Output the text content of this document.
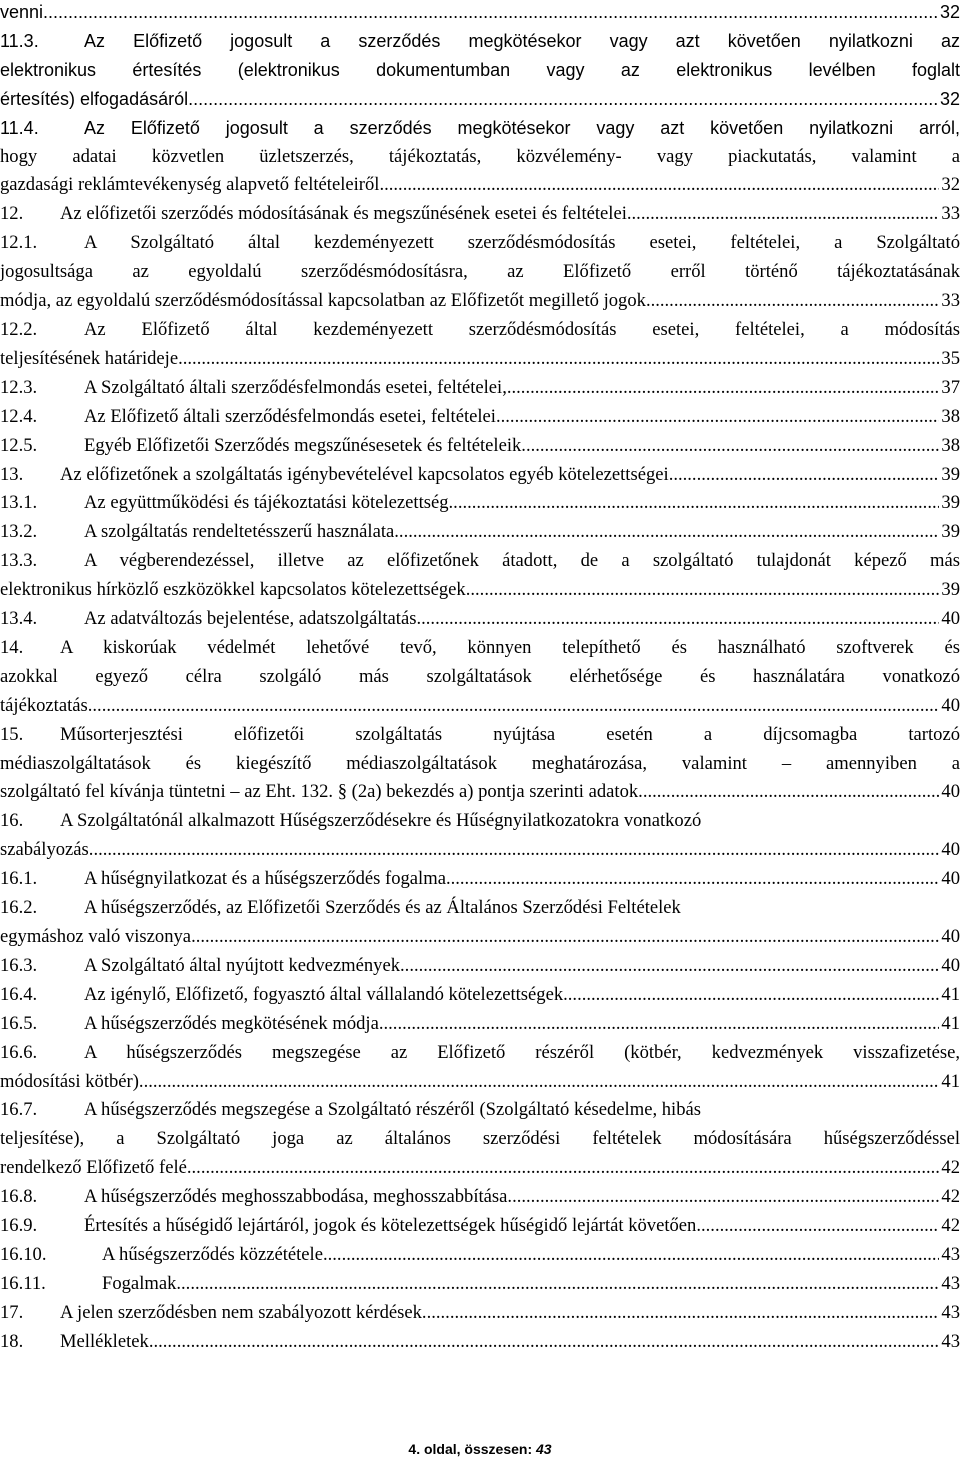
venni. .....	32
11.3.	Az Előfizető jogosult a szerződés megkötésekor vagy azt követően nyilatkozni az
elektronikus értesítés (elektronikus dokumentumban vagy az elektronikus levélben foglalt
értesítés) elfogadásáról. .....	32
11.4.	Az Előfizető jogosult a szerződés megkötésekor vagy azt követően nyilatkozni arról,
hogy adatai közvetlen üzletszerzés, tájékoztatás, közvélemény- vagy piackutatás, valamint a
gazdasági reklámtevékenység alapvető feltételeiről .....	32
12.	Az előfizetői szerződés módosításának és megszűnésének esetei és feltételei .....	33
12.1.	A Szolgáltató által kezdeményezett szerződésmódosítás esetei, feltételei, a Szolgáltató
jogosultsága az egyoldalú szerződésmódosításra, az Előfizető erről történő tájékoztatásának
módja, az egyoldalú szerződésmódosítással kapcsolatban az Előfizetőt megillető jogok .....	33
12.2.	Az Előfizető által kezdeményezett szerződésmódosítás esetei, feltételei, a módosítás
teljesítésének határideje .....	35
12.3.	A Szolgáltató általi szerződésfelmondás esetei, feltételei, .....	37
12.4.	Az Előfizető általi szerződésfelmondás esetei, feltételei .....	38
12.5.	Egyéb Előfizetői Szerződés megszűnésesetek és feltételeik .....	38
13.	Az előfizetőnek a szolgáltatás igénybevételével kapcsolatos egyéb kötelezettségei .....	39
13.1.	Az együttműködési és tájékoztatási kötelezettség .....	39
13.2.	A szolgáltatás rendeltetésszerű használata .....	39
13.3.	A végberendezéssel, illetve az előfizetőnek átadott, de a szolgáltató tulajdonát képező más
elektronikus hírközlő eszközökkel kapcsolatos kötelezettségek .....	39
13.4.	Az adatváltozás bejelentése, adatszolgáltatás .....	40
14. A kiskorúak védelmét lehetővé tevő, könnyen telepíthető és használható szoftverek és
azokkal egyező célra szolgáló más szolgáltatások elérhetősége és használatára vonatkozó
tájékoztatás. .....	40
15. Műsorterjesztési előfizetői szolgáltatás nyújtása esetén a díjcsomagba tartozó
médiaszolgáltatások és kiegészítő médiaszolgáltatások meghatározása, valamint – amennyiben a
szolgáltató fel kívánja tüntetni – az Eht. 132. § (2a) bekezdés a) pontja szerinti adatok. .....	40
16. A Szolgáltatónál alkalmazott Hűségszerződésekre és Hűségnyilatkozatokra vonatkozó
szabályozás .....	40
16.1.	A hűségnyilatkozat és a hűségszerződés fogalma .....	40
16.2.	A hűségszerződés, az Előfizetői Szerződés és az Általános Szerződési Feltételek
egymáshoz való viszonya .....	40
16.3.	A Szolgáltató által nyújtott kedvezmények .....	40
16.4.	Az igénylő, Előfizető, fogyasztó által vállalandó kötelezettségek .....	41
16.5.	A hűségszerződés megkötésének módja .....	41
16.6.	A hűségszerződés megszegése az Előfizető részéről (kötbér, kedvezmények visszafizetése,
módosítási kötbér) .....	41
16.7.	A hűségszerződés megszegése a Szolgáltató részéről (Szolgáltató késedelme, hibás
teljesítése), a Szolgáltató joga az általános szerződési feltételek módosítására hűségszerződéssel
rendelkező Előfizető felé. .....	42
16.8.	A hűségszerződés meghosszabbodása, meghosszabbítása .....	42
16.9.	Értesítés a hűségidő lejártáról, jogok és kötelezettségek hűségidő lejártát követően .....	42
16.10.	A hűségszerződés közzététele .....	43
16.11.	Fogalmak .....	43
17.	A jelen szerződésben nem szabályozott kérdések .....	43
18.	Mellékletek .....	43
4. oldal, összesen: 43
